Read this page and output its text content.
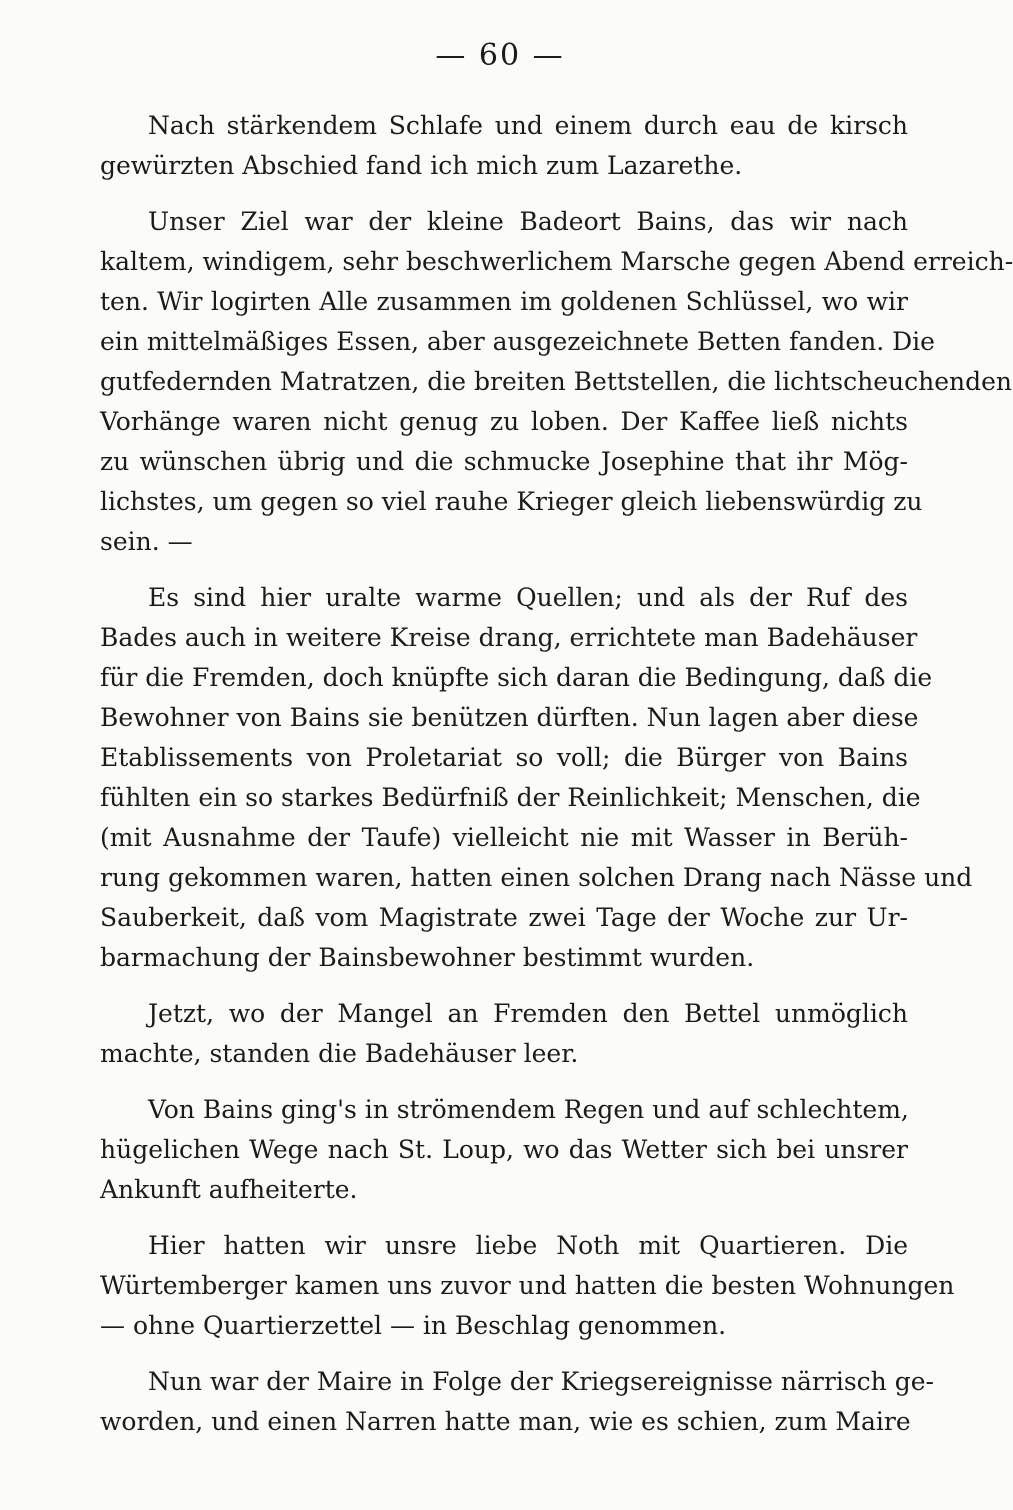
— 60 —
Nach stärkendem Schlafe und einem durch eau de kirsch
gewürzten Abschied fand ich mich zum Lazarethe.
Unser Ziel war der kleine Badeort Bains, das wir nach
kaltem, windigem, sehr beschwerlichem Marsche gegen Abend erreich-
ten. Wir logirten Alle zusammen im goldenen Schlüssel, wo wir
ein mittelmäßiges Essen, aber ausgezeichnete Betten fanden. Die
gutfedernden Matratzen, die breiten Bettstellen, die lichtscheuchenden
Vorhänge waren nicht genug zu loben. Der Kaffee ließ nichts
zu wünschen übrig und die schmucke Josephine that ihr Mög-
lichstes, um gegen so viel rauhe Krieger gleich liebenswürdig zu
sein. —
Es sind hier uralte warme Quellen; und als der Ruf des
Bades auch in weitere Kreise drang, errichtete man Badehäuser
für die Fremden, doch knüpfte sich daran die Bedingung, daß die
Bewohner von Bains sie benützen dürften. Nun lagen aber diese
Etablissements von Proletariat so voll; die Bürger von Bains
fühlten ein so starkes Bedürfniß der Reinlichkeit; Menschen, die
(mit Ausnahme der Taufe) vielleicht nie mit Wasser in Berüh-
rung gekommen waren, hatten einen solchen Drang nach Nässe und
Sauberkeit, daß vom Magistrate zwei Tage der Woche zur Ur-
barmachung der Bainsbewohner bestimmt wurden.
Jetzt, wo der Mangel an Fremden den Bettel unmöglich
machte, standen die Badehäuser leer.
Von Bains ging's in strömendem Regen und auf schlechtem,
hügelichen Wege nach St. Loup, wo das Wetter sich bei unsrer
Ankunft aufheiterte.
Hier hatten wir unsre liebe Noth mit Quartieren. Die
Würtemberger kamen uns zuvor und hatten die besten Wohnungen
— ohne Quartierzettel — in Beschlag genommen.
Nun war der Maire in Folge der Kriegsereignisse närrisch ge-
worden, und einen Narren hatte man, wie es schien, zum Maire
